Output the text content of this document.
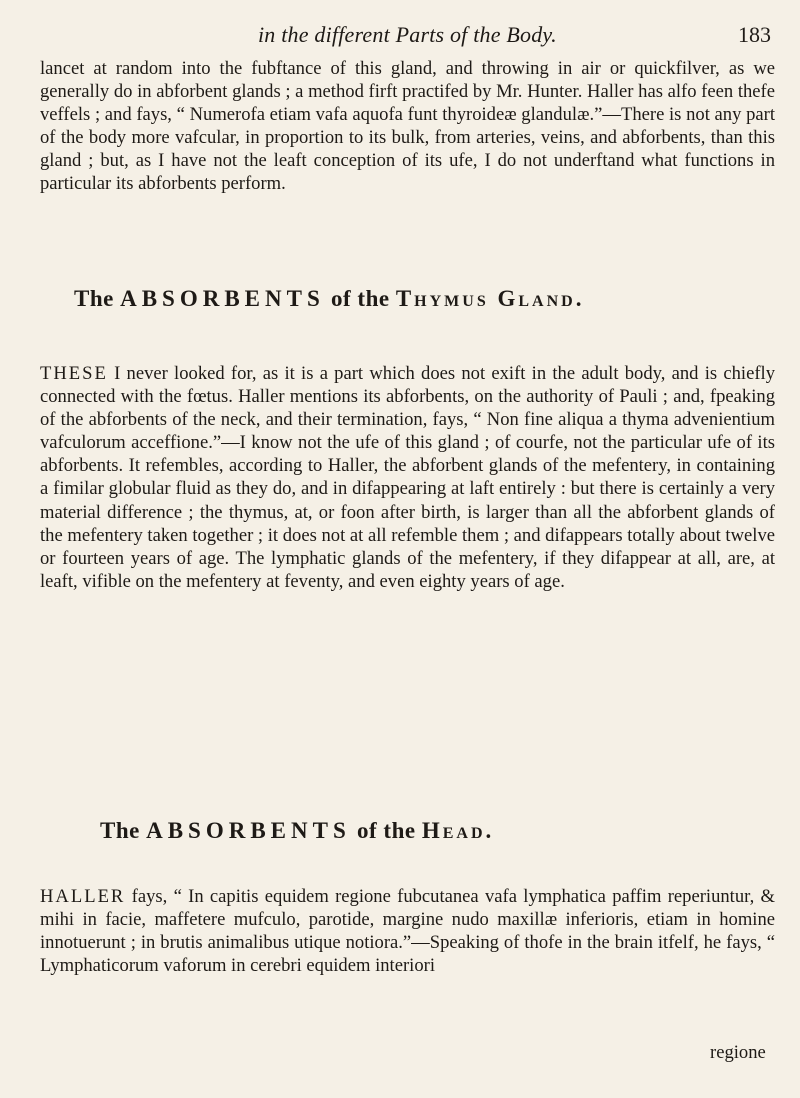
in the different Parts of the Body.	183

lancet at random into the fubftance of this gland, and throwing in air or quickfilver, as we generally do in abforbent glands ; a method firft practifed by Mr. Hunter. Haller has alfo feen thefe veffels ; and fays, “ Numerofa etiam vafa aquofa funt thyroideæ glandulæ.”—There is not any part of the body more vafcular, in proportion to its bulk, from arteries, veins, and abforbents, than this gland ; but, as I have not the leaft conception of its ufe, I do not underftand what functions in particular its abforbents perform.

The ABSORBENTS of the Thymus Gland.

THESE I never looked for, as it is a part which does not exift in the adult body, and is chiefly connected with the fœtus. Haller mentions its abforbents, on the authority of Pauli ; and, fpeaking of the abforbents of the neck, and their termination, fays, “ Non fine aliqua a thyma advenientium vafculorum acceffione.”—I know not the ufe of this gland ; of courfe, not the particular ufe of its abforbents. It refembles, according to Haller, the abforbent glands of the mefentery, in containing a fimilar globular fluid as they do, and in difappearing at laft entirely : but there is certainly a very material difference ; the thymus, at, or foon after birth, is larger than all the abforbent glands of the mefentery taken together ; it does not at all refemble them ; and difappears totally about twelve or fourteen years of age. The lymphatic glands of the mefentery, if they difappear at all, are, at leaft, vifible on the mefentery at feventy, and even eighty years of age.

The ABSORBENTS of the Head.

HALLER fays, “ In capitis equidem regione fubcutanea vafa lymphatica paffim reperiuntur, & mihi in facie, maffetere mufculo, parotide, margine nudo maxillæ inferioris, etiam in homine innotuerunt ; in brutis animalibus utique notiora.”—Speaking of thofe in the brain itfelf, he fays, “ Lymphaticorum vaforum in cerebri equidem interiori

regione
